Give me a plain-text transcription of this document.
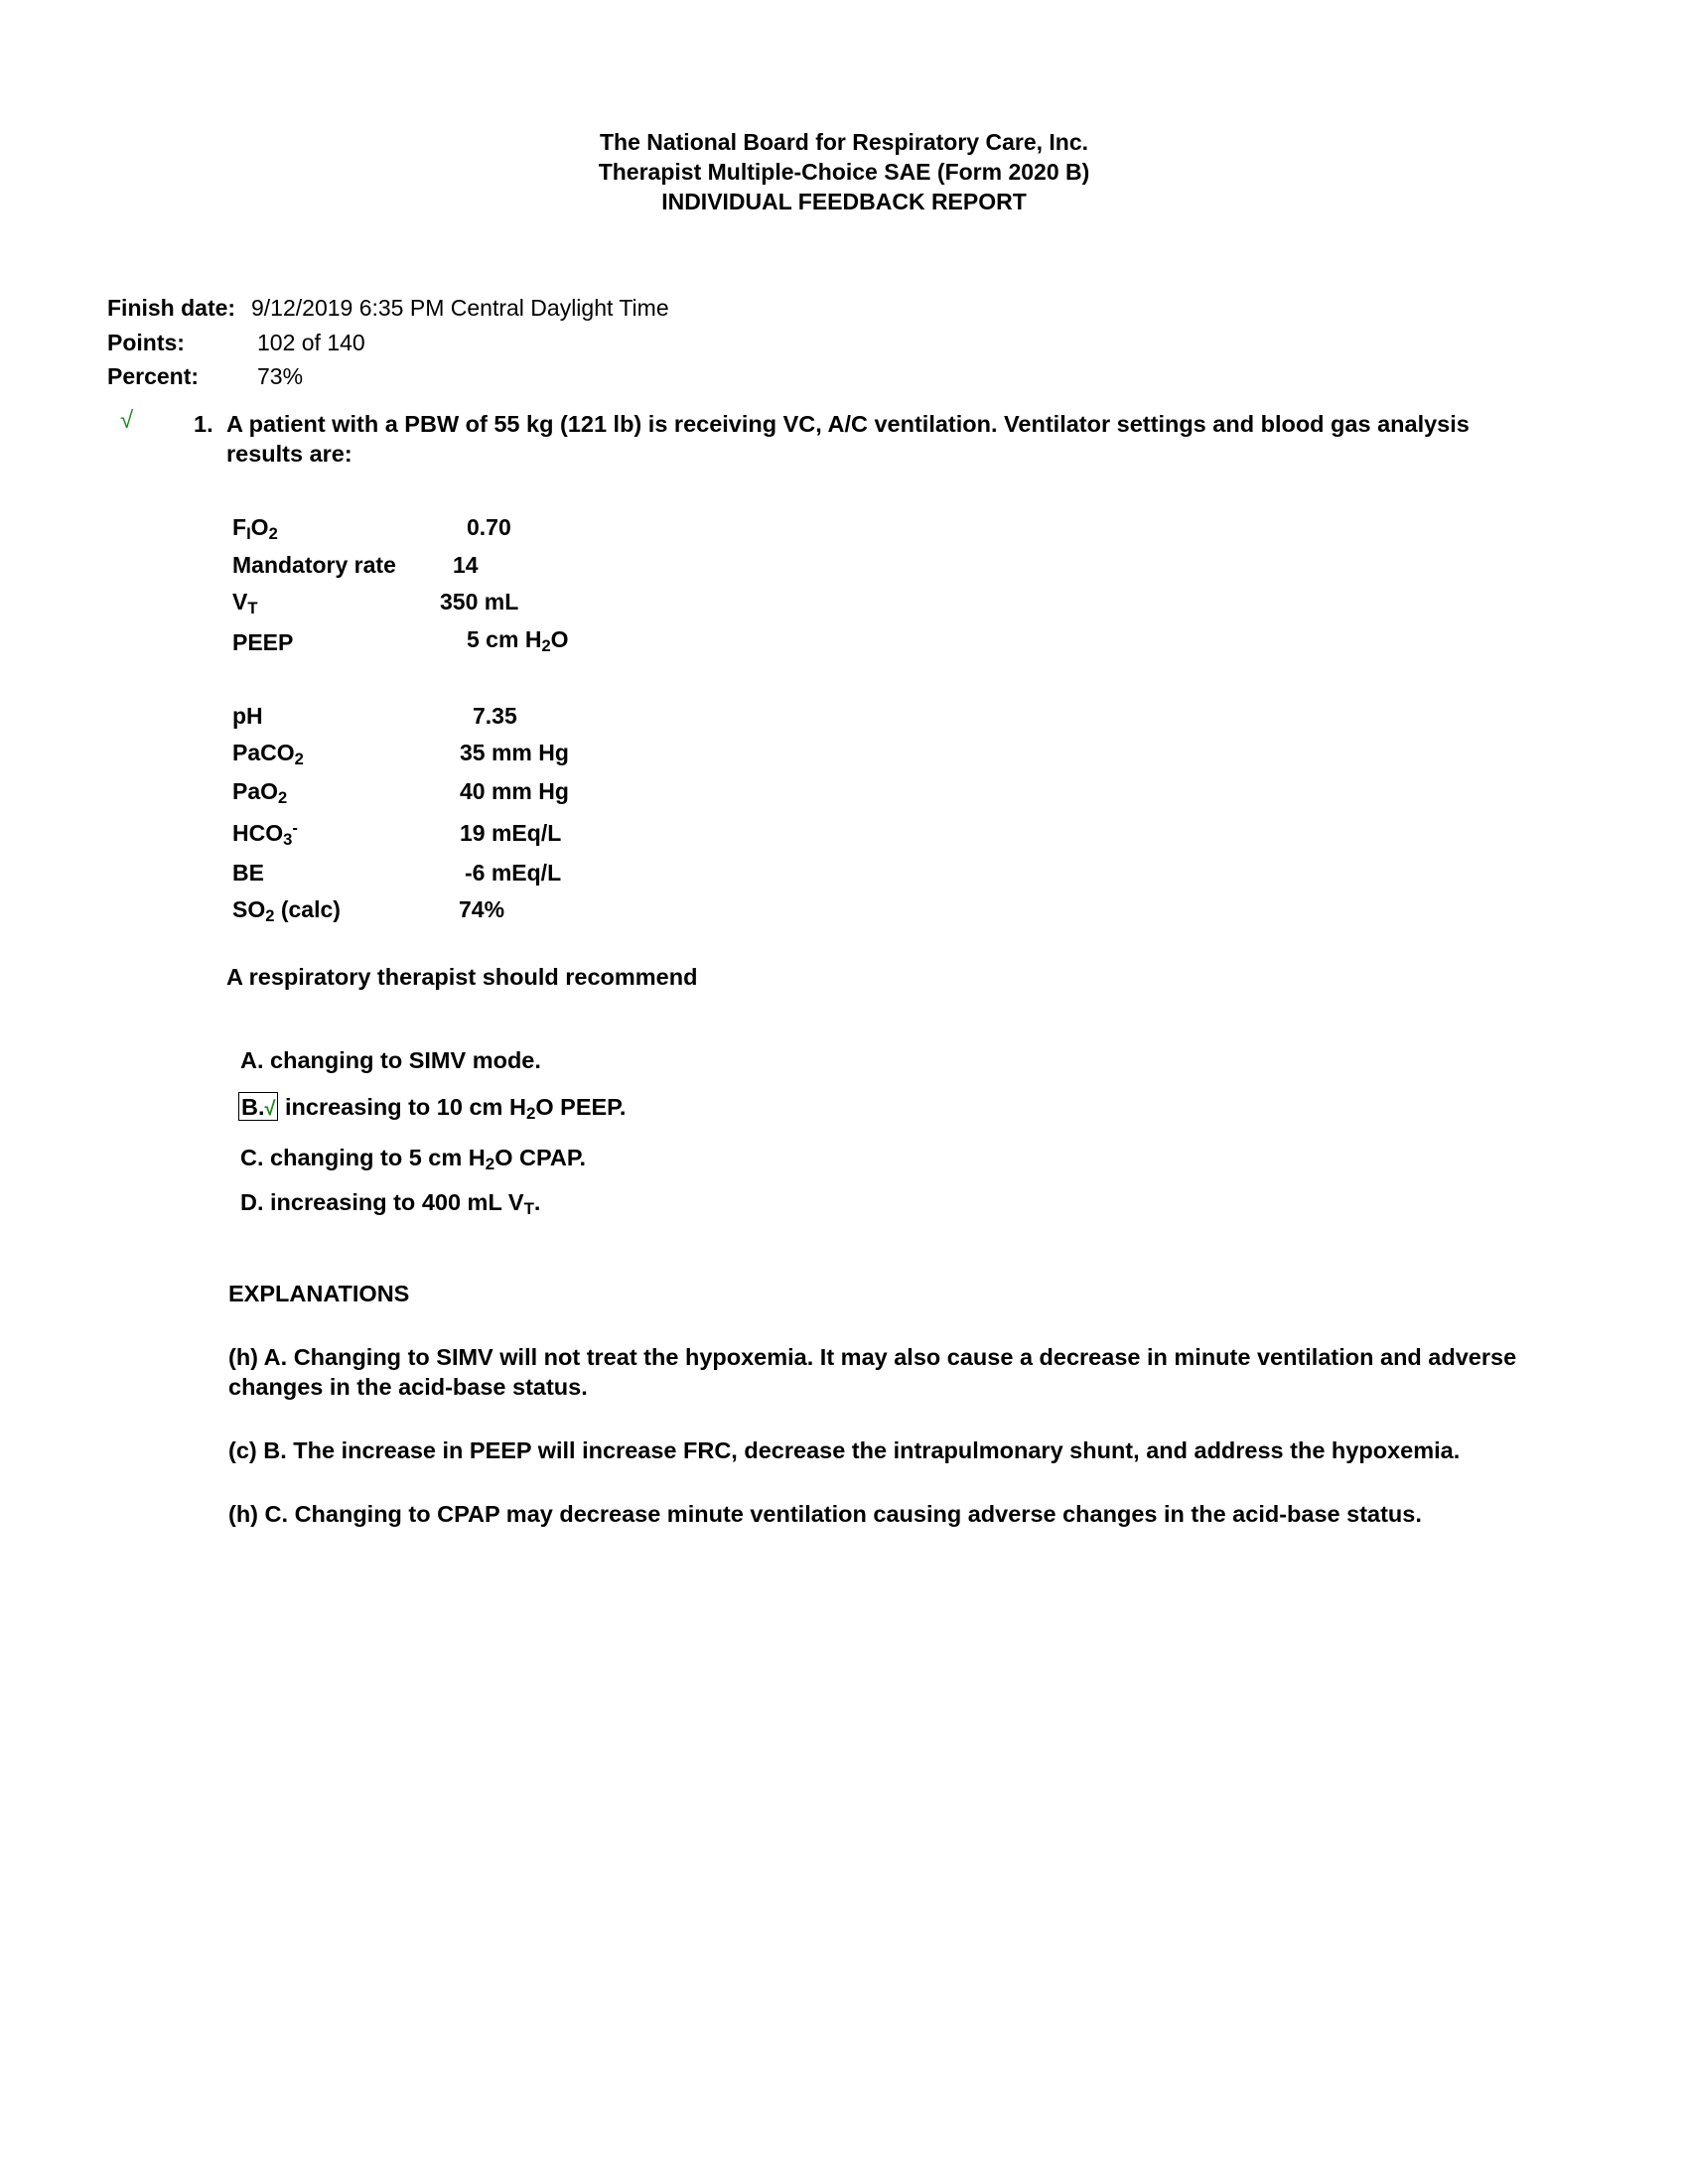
The National Board for Respiratory Care, Inc.
Therapist Multiple-Choice SAE (Form 2020 B)
INDIVIDUAL FEEDBACK REPORT
Finish date: 9/12/2019 6:35 PM Central Daylight Time
Points:	102 of 140
Percent:	73%
√	1. A patient with a PBW of 55 kg (121 lb) is receiving VC, A/C ventilation. Ventilator settings and blood gas analysis results are:
$F_IO_2$	0.70
Mandatory rate 14
$V_T$	350 mL
PEEP	5 cm $H_2O$
pH	7.35
PaCO$_2$	35 mm Hg
PaO$_2$	40 mm Hg
$HCO_3^-$	19 mEq/L
BE	-6 mEq/L
$SO_2$ (calc)	74%
A respiratory therapist should recommend
A. changing to SIMV mode.
B.√ increasing to 10 cm $H_2O$ PEEP.
C. changing to 5 cm $H_2O$ CPAP.
D. increasing to 400 mL $V_T$.
EXPLANATIONS
(h) A. Changing to SIMV will not treat the hypoxemia. It may also cause a decrease in minute ventilation and adverse changes in the acid-base status.
(c) B. The increase in PEEP will increase FRC, decrease the intrapulmonary shunt, and address the hypoxemia.
(h) C. Changing to CPAP may decrease minute ventilation causing adverse changes in the acid-base status.
